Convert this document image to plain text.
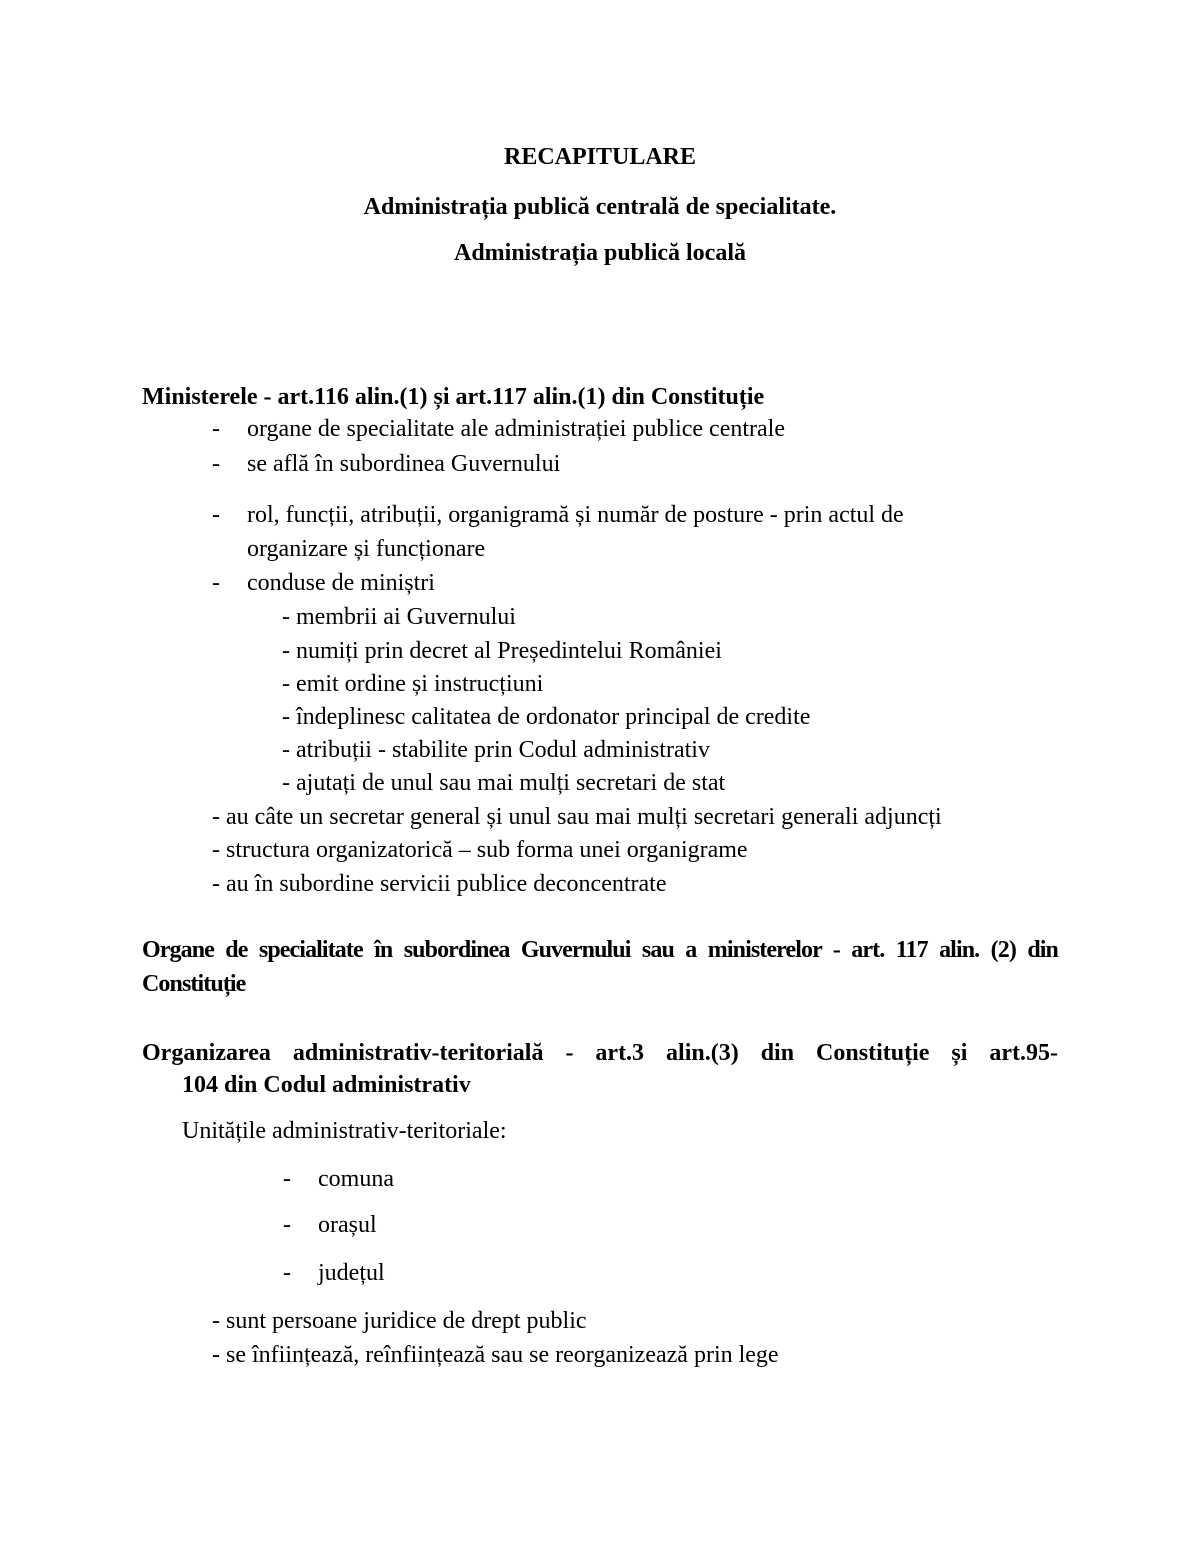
RECAPITULARE
Administrația publică centrală de specialitate.
Administrația publică locală
Ministerele - art.116 alin.(1) și art.117 alin.(1) din Constituție
- organe de specialitate ale administrației publice centrale
- se află în subordinea Guvernului
- rol, funcții, atribuții, organigramă și număr de posture - prin actul de
organizare și funcționare
- conduse de miniștri
- membrii ai Guvernului
- numiți prin decret al Președintelui României
- emit ordine și instrucțiuni
- îndeplinesc calitatea de ordonator principal de credite
- atribuții - stabilite prin Codul administrativ
- ajutați de unul sau mai mulți secretari de stat
- au câte un secretar general și unul sau mai mulți secretari generali adjuncți
- structura organizatorică – sub forma unei organigrame
- au în subordine servicii publice deconcentrate
Organe de specialitate în subordinea Guvernului sau a ministerelor - art. 117 alin. (2) din
Constituție
Organizarea administrativ-teritorială - art.3 alin.(3) din Constituție și art.95-
104 din Codul administrativ
Unitățile administrativ-teritoriale:
- comuna
- orașul
- județul
- sunt persoane juridice de drept public
- se înființează, reînființează sau se reorganizează prin lege
